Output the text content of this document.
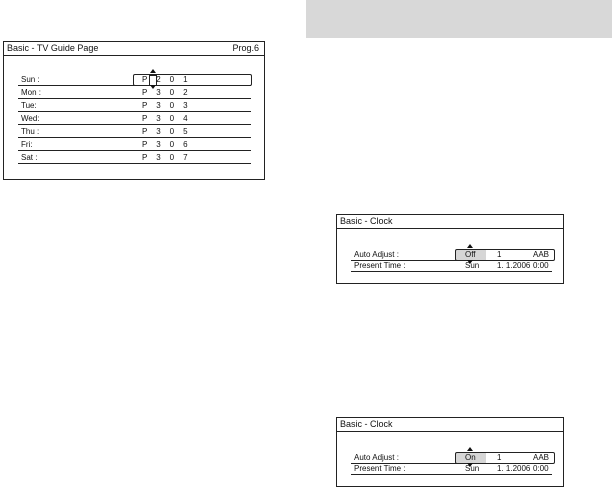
Basic - TV Guide Page	Prog.6
Sun :	P 2 0 1
Mon :	P 3 0 2
Tue:	P 3 0 3
Wed:	P 3 0 4
Thu :	P 3 0 5
Fri:	P 3 0 6
Sat :	P 3 0 7
Basic - Clock
Auto Adjust :	Off	1	AAB
Present Time :	Sun 1. 1.2006 0:00
Basic - Clock
Auto Adjust :	On	1	AAB
Present Time :	Sun 1. 1.2006 0:00
